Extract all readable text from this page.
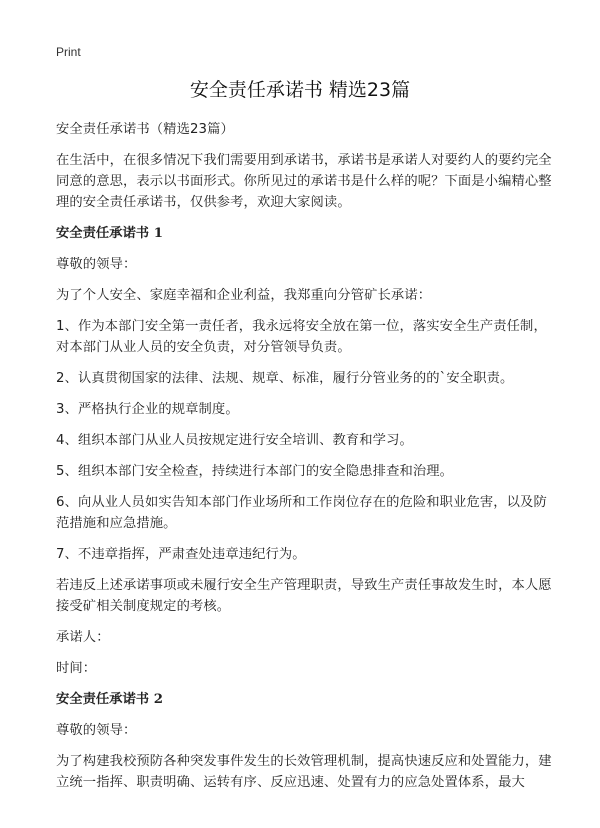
Print
安全责任承诺书 精选23篇

安全责任承诺书（精选23篇）

在生活中，在很多情况下我们需要用到承诺书，承诺书是承诺人对要约人的要约完全同意的意思，表示以书面形式。你所见过的承诺书是什么样的呢？下面是小编精心整理的安全责任承诺书，仅供参考，欢迎大家阅读。

安全责任承诺书 1

尊敬的领导：

为了个人安全、家庭幸福和企业利益，我郑重向分管矿长承诺：

1、作为本部门安全第一责任者，我永远将安全放在第一位，落实安全生产责任制，对本部门从业人员的安全负责，对分管领导负责。

2、认真贯彻国家的法律、法规、规章、标准，履行分管业务的的`安全职责。

3、严格执行企业的规章制度。

4、组织本部门从业人员按规定进行安全培训、教育和学习。

5、组织本部门安全检查，持续进行本部门的安全隐患排查和治理。

6、向从业人员如实告知本部门作业场所和工作岗位存在的危险和职业危害，以及防范措施和应急措施。

7、不违章指挥，严肃查处违章违纪行为。

若违反上述承诺事项或未履行安全生产管理职责，导致生产责任事故发生时，本人愿接受矿相关制度规定的考核。

承诺人：

时间：

安全责任承诺书 2

尊敬的领导：

为了构建我校预防各种突发事件发生的长效管理机制，提高快速反应和处置能力，建立统一指挥、职责明确、运转有序、反应迅速、处置有力的应急处置体系，最大
